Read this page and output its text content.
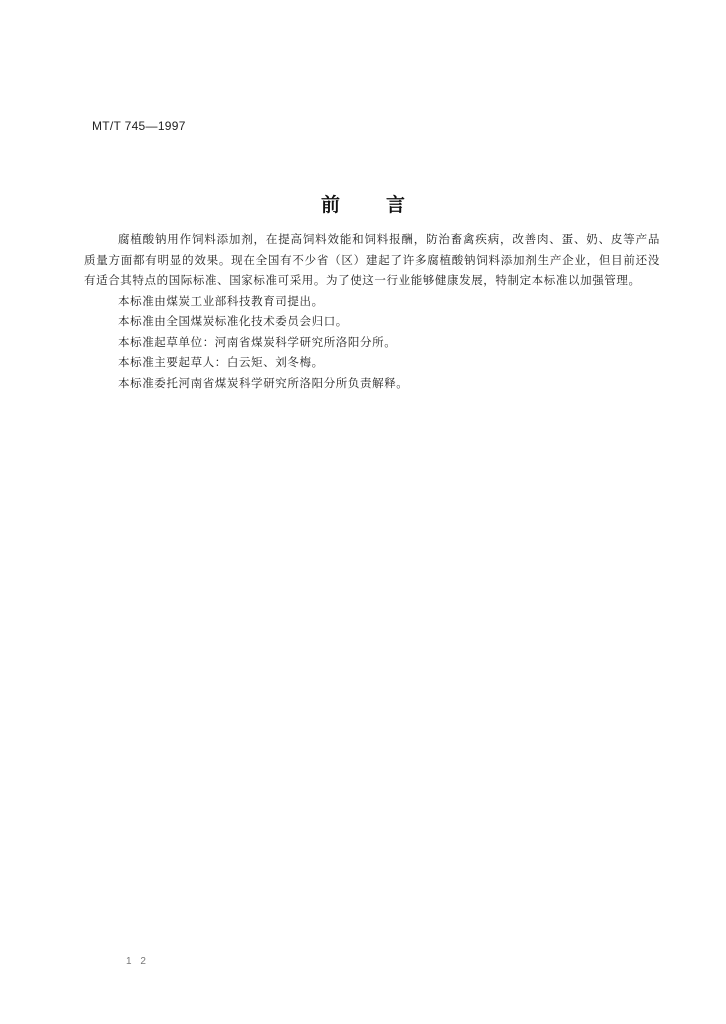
MT/T 745—1997
前 言

腐植酸钠用作饲料添加剂，在提高饲料效能和饲料报酬，防治畜禽疾病，改善肉、蛋、奶、皮等产品质量方面都有明显的效果。现在全国有不少省（区）建起了许多腐植酸钠饲料添加剂生产企业，但目前还没有适合其特点的国际标准、国家标准可采用。为了使这一行业能够健康发展，特制定本标准以加强管理。

本标准由煤炭工业部科技教育司提出。

本标准由全国煤炭标准化技术委员会归口。

本标准起草单位：河南省煤炭科学研究所洛阳分所。

本标准主要起草人：白云矩、刘冬梅。

本标准委托河南省煤炭科学研究所洛阳分所负责解释。

1 2
